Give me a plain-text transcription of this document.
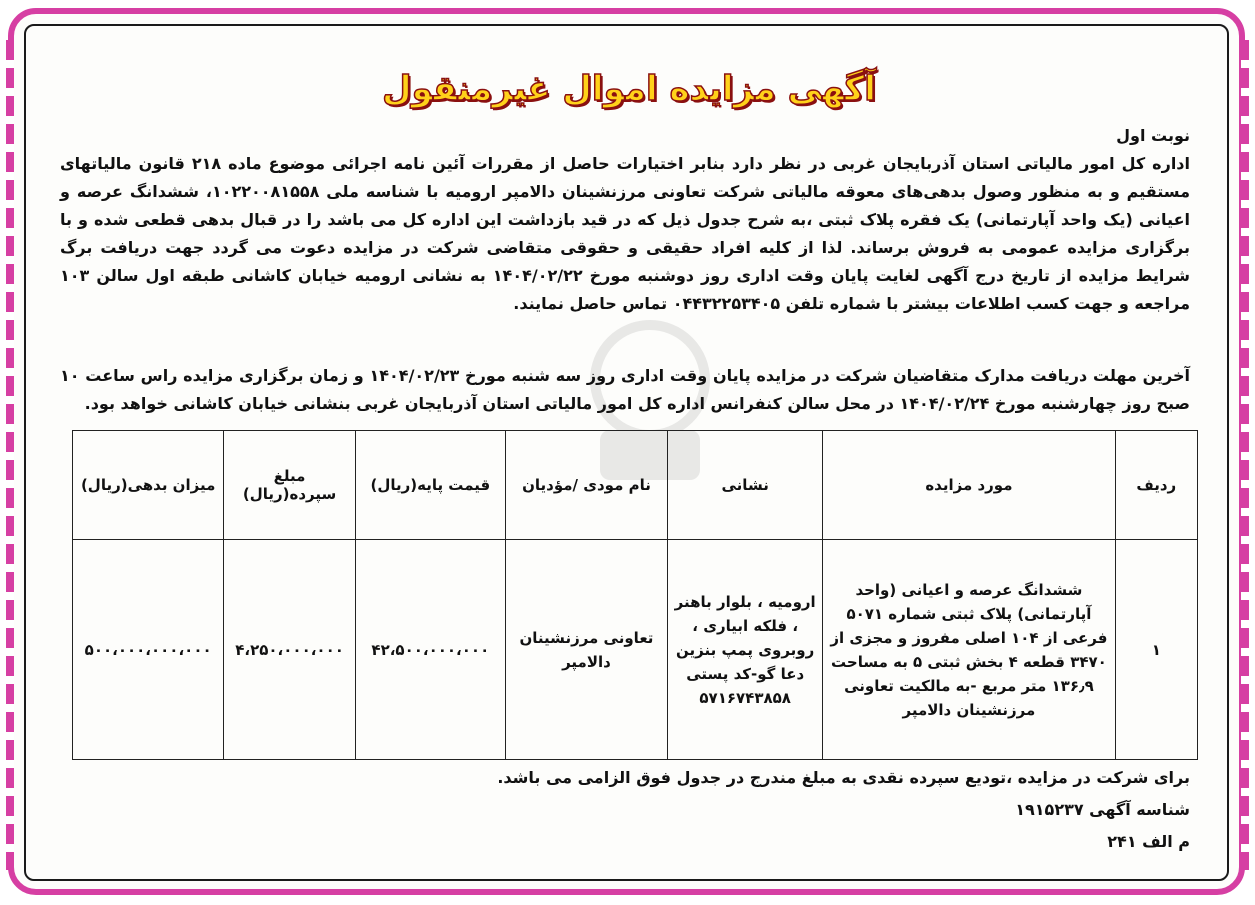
آگهی مزایده اموال غیرمنقول
نوبت اول
اداره کل امور مالیاتی استان آذربایجان غربی در نظر دارد بنابر اختیارات حاصل از مقررات آئین نامه اجرائی موضوع ماده ۲۱۸ قانون مالیاتهای مستقیم و به منظور وصول بدهی‌های معوقه مالیاتی شرکت تعاونی مرزنشینان دالامپر ارومیه با شناسه ملی ۱۰۲۲۰۰۸۱۵۵۸، ششدانگ عرصه و اعیانی (یک واحد آپارتمانی) یک فقره پلاک ثبتی ،به شرح جدول ذیل که در قید بازداشت این اداره کل می باشد را در قبال بدهی قطعی شده و با برگزاری مزایده عمومی به فروش برساند. لذا از کلیه افراد حقیقی و حقوقی متقاضی شرکت در مزایده دعوت می گردد جهت دریافت برگ شرایط مزایده از تاریخ درج آگهی لغایت پایان وقت اداری روز دوشنبه مورخ ۱۴۰۴/۰۲/۲۲ به نشانی ارومیه خیابان کاشانی طبقه اول سالن ۱۰۳ مراجعه و جهت کسب اطلاعات بیشتر با شماره تلفن ۰۴۴۳۲۲۵۳۴۰۵ تماس حاصل نمایند.
آخرین مهلت دریافت مدارک متقاضیان شرکت در مزایده پایان وقت اداری روز سه شنبه مورخ ۱۴۰۴/۰۲/۲۳ و زمان برگزاری مزایده راس ساعت ۱۰ صبح روز چهارشنبه مورخ ۱۴۰۴/۰۲/۲۴ در محل سالن کنفرانس اداره کل امور مالیاتی استان آذربایجان غربی بنشانی خیابان کاشانی خواهد بود.
ردیف	مورد مزایده	نشانی	نام مودی /مؤدیان	قیمت پایه(ریال)	مبلغ سپرده(ریال)	میزان بدهی(ریال)
۱	ششدانگ عرصه و اعیانی (واحد آپارتمانی) پلاک ثبتی شماره ۵۰۷۱ فرعی از ۱۰۴ اصلی مفروز و مجزی از ۳۴۷۰ قطعه ۴ بخش ثبتی ۵ به مساحت ۱۳۶٫۹ متر مربع -به مالکیت تعاونی مرزنشینان دالامپر	ارومیه ، بلوار باهنر ، فلکه ابیاری ، روبروی پمپ بنزین دعا گو-کد پستی ۵۷۱۶۷۴۳۸۵۸	تعاونی مرزنشینان دالامپر	۴۲،۵۰۰،۰۰۰،۰۰۰	۴،۲۵۰،۰۰۰،۰۰۰	۵۰۰،۰۰۰،۰۰۰،۰۰۰
برای شرکت در مزایده ،تودیع سپرده نقدی به مبلغ مندرج در جدول فوق الزامی می باشد.
شناسه آگهی ۱۹۱۵۲۳۷
م الف ۲۴۱
